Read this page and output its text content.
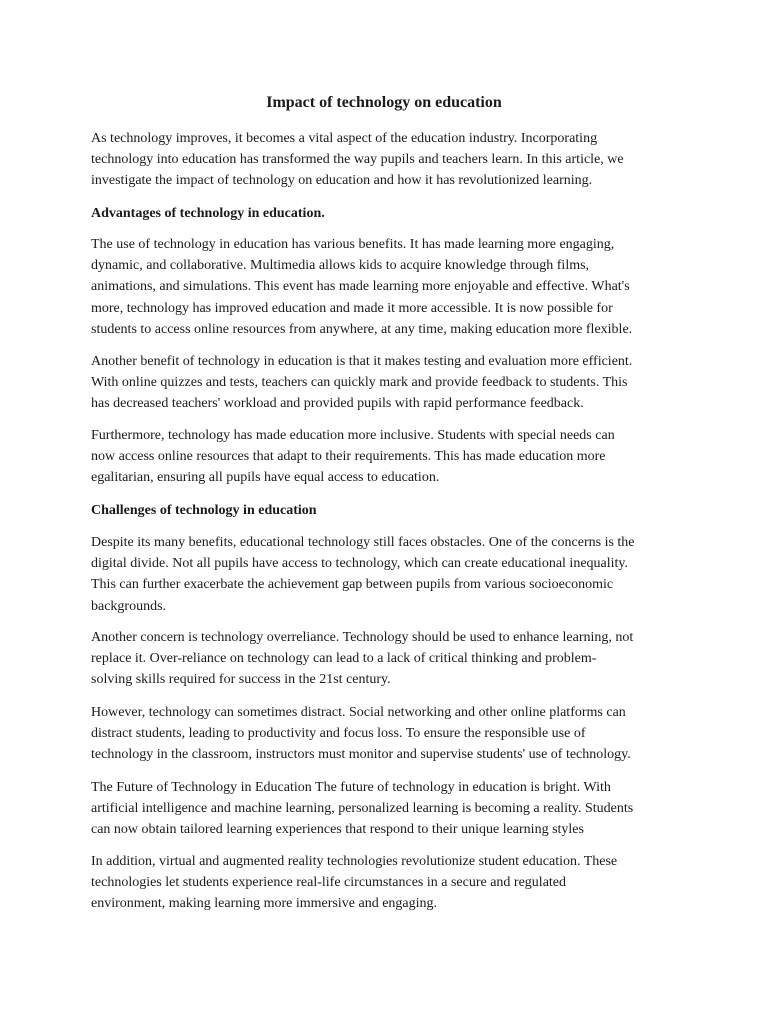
Impact of technology on education

As technology improves, it becomes a vital aspect of the education industry. Incorporating
technology into education has transformed the way pupils and teachers learn. In this article, we
investigate the impact of technology on education and how it has revolutionized learning.

Advantages of technology in education.

The use of technology in education has various benefits. It has made learning more engaging,
dynamic, and collaborative. Multimedia allows kids to acquire knowledge through films,
animations, and simulations. This event has made learning more enjoyable and effective. What's
more, technology has improved education and made it more accessible. It is now possible for
students to access online resources from anywhere, at any time, making education more flexible.

Another benefit of technology in education is that it makes testing and evaluation more efficient.
With online quizzes and tests, teachers can quickly mark and provide feedback to students. This
has decreased teachers' workload and provided pupils with rapid performance feedback.

Furthermore, technology has made education more inclusive. Students with special needs can
now access online resources that adapt to their requirements. This has made education more
egalitarian, ensuring all pupils have equal access to education.

Challenges of technology in education

Despite its many benefits, educational technology still faces obstacles. One of the concerns is the
digital divide. Not all pupils have access to technology, which can create educational inequality.
This can further exacerbate the achievement gap between pupils from various socioeconomic
backgrounds.

Another concern is technology overreliance. Technology should be used to enhance learning, not
replace it. Over-reliance on technology can lead to a lack of critical thinking and problem-
solving skills required for success in the 21st century.

However, technology can sometimes distract. Social networking and other online platforms can
distract students, leading to productivity and focus loss. To ensure the responsible use of
technology in the classroom, instructors must monitor and supervise students' use of technology.

The Future of Technology in Education The future of technology in education is bright. With
artificial intelligence and machine learning, personalized learning is becoming a reality. Students
can now obtain tailored learning experiences that respond to their unique learning styles

In addition, virtual and augmented reality technologies revolutionize student education. These
technologies let students experience real-life circumstances in a secure and regulated
environment, making learning more immersive and engaging.
